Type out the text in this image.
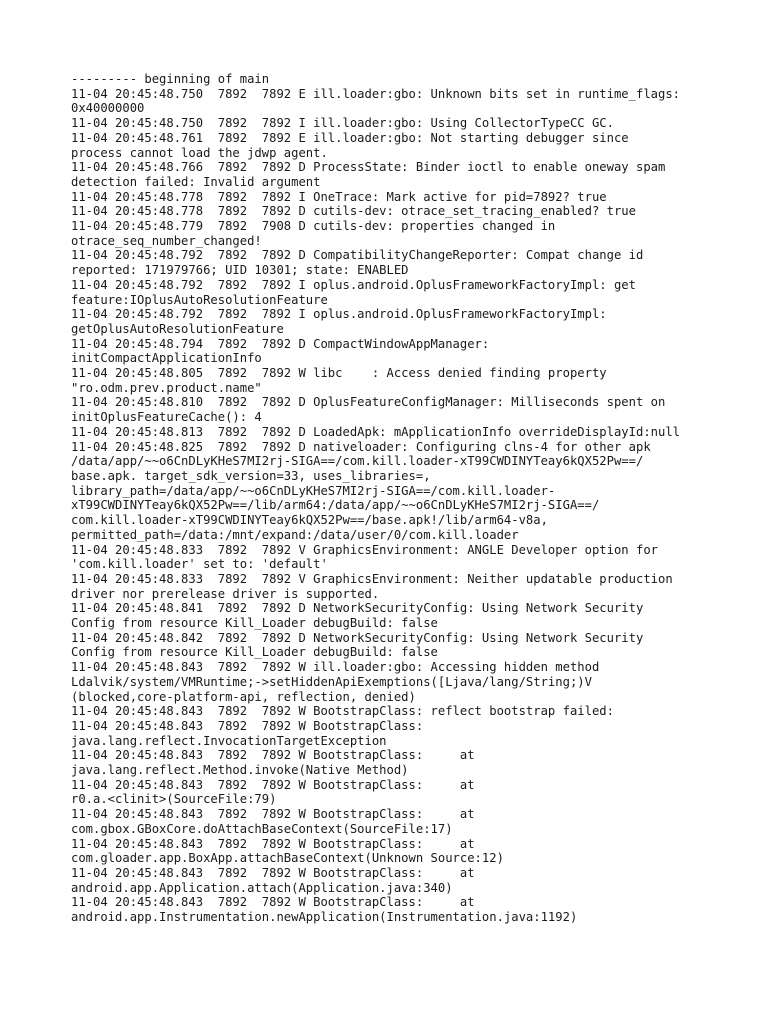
--------- beginning of main
11-04 20:45:48.750  7892  7892 E ill.loader:gbo: Unknown bits set in runtime_flags:
0x40000000
11-04 20:45:48.750  7892  7892 I ill.loader:gbo: Using CollectorTypeCC GC.
11-04 20:45:48.761  7892  7892 E ill.loader:gbo: Not starting debugger since
process cannot load the jdwp agent.
11-04 20:45:48.766  7892  7892 D ProcessState: Binder ioctl to enable oneway spam
detection failed: Invalid argument
11-04 20:45:48.778  7892  7892 I OneTrace: Mark active for pid=7892? true
11-04 20:45:48.778  7892  7892 D cutils-dev: otrace_set_tracing_enabled? true
11-04 20:45:48.779  7892  7908 D cutils-dev: properties changed in
otrace_seq_number_changed!
11-04 20:45:48.792  7892  7892 D CompatibilityChangeReporter: Compat change id
reported: 171979766; UID 10301; state: ENABLED
11-04 20:45:48.792  7892  7892 I oplus.android.OplusFrameworkFactoryImpl: get
feature:IOplusAutoResolutionFeature
11-04 20:45:48.792  7892  7892 I oplus.android.OplusFrameworkFactoryImpl:
getOplusAutoResolutionFeature
11-04 20:45:48.794  7892  7892 D CompactWindowAppManager:
initCompactApplicationInfo
11-04 20:45:48.805  7892  7892 W libc    : Access denied finding property
"ro.odm.prev.product.name"
11-04 20:45:48.810  7892  7892 D OplusFeatureConfigManager: Milliseconds spent on
initOplusFeatureCache(): 4
11-04 20:45:48.813  7892  7892 D LoadedApk: mApplicationInfo overrideDisplayId:null
11-04 20:45:48.825  7892  7892 D nativeloader: Configuring clns-4 for other apk
/data/app/~~o6CnDLyKHeS7MI2rj-SIGA==/com.kill.loader-xT99CWDINYTeay6kQX52Pw==/
base.apk. target_sdk_version=33, uses_libraries=,
library_path=/data/app/~~o6CnDLyKHeS7MI2rj-SIGA==/com.kill.loader-
xT99CWDINYTeay6kQX52Pw==/lib/arm64:/data/app/~~o6CnDLyKHeS7MI2rj-SIGA==/
com.kill.loader-xT99CWDINYTeay6kQX52Pw==/base.apk!/lib/arm64-v8a,
permitted_path=/data:/mnt/expand:/data/user/0/com.kill.loader
11-04 20:45:48.833  7892  7892 V GraphicsEnvironment: ANGLE Developer option for
'com.kill.loader' set to: 'default'
11-04 20:45:48.833  7892  7892 V GraphicsEnvironment: Neither updatable production
driver nor prerelease driver is supported.
11-04 20:45:48.841  7892  7892 D NetworkSecurityConfig: Using Network Security
Config from resource Kill_Loader debugBuild: false
11-04 20:45:48.842  7892  7892 D NetworkSecurityConfig: Using Network Security
Config from resource Kill_Loader debugBuild: false
11-04 20:45:48.843  7892  7892 W ill.loader:gbo: Accessing hidden method
Ldalvik/system/VMRuntime;->setHiddenApiExemptions([Ljava/lang/String;)V
(blocked,core-platform-api, reflection, denied)
11-04 20:45:48.843  7892  7892 W BootstrapClass: reflect bootstrap failed:
11-04 20:45:48.843  7892  7892 W BootstrapClass:
java.lang.reflect.InvocationTargetException
11-04 20:45:48.843  7892  7892 W BootstrapClass:     at
java.lang.reflect.Method.invoke(Native Method)
11-04 20:45:48.843  7892  7892 W BootstrapClass:     at
r0.a.<clinit>(SourceFile:79)
11-04 20:45:48.843  7892  7892 W BootstrapClass:     at
com.gbox.GBoxCore.doAttachBaseContext(SourceFile:17)
11-04 20:45:48.843  7892  7892 W BootstrapClass:     at
com.gloader.app.BoxApp.attachBaseContext(Unknown Source:12)
11-04 20:45:48.843  7892  7892 W BootstrapClass:     at
android.app.Application.attach(Application.java:340)
11-04 20:45:48.843  7892  7892 W BootstrapClass:     at
android.app.Instrumentation.newApplication(Instrumentation.java:1192)
